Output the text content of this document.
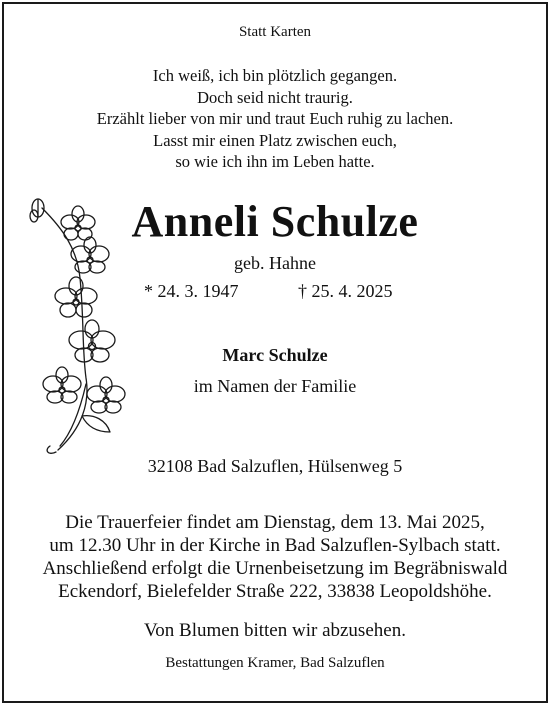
Statt Karten
Ich weiß, ich bin plötzlich gegangen.
Doch seid nicht traurig.
Erzählt lieber von mir und traut Euch ruhig zu lachen.
Lasst mir einen Platz zwischen euch,
so wie ich ihn im Leben hatte.
Anneli Schulze
geb. Hahne
* 24. 3. 1947	† 25. 4. 2025
Marc Schulze
im Namen der Familie
32108 Bad Salzuflen, Hülsenweg 5
Die Trauerfeier findet am Dienstag, dem 13. Mai 2025,
um 12.30 Uhr in der Kirche in Bad Salzuflen-Sylbach statt.
Anschließend erfolgt die Urnenbeisetzung im Begräbniswald
Eckendorf, Bielefelder Straße 222, 33838 Leopoldshöhe.
Von Blumen bitten wir abzusehen.
Bestattungen Kramer, Bad Salzuflen
